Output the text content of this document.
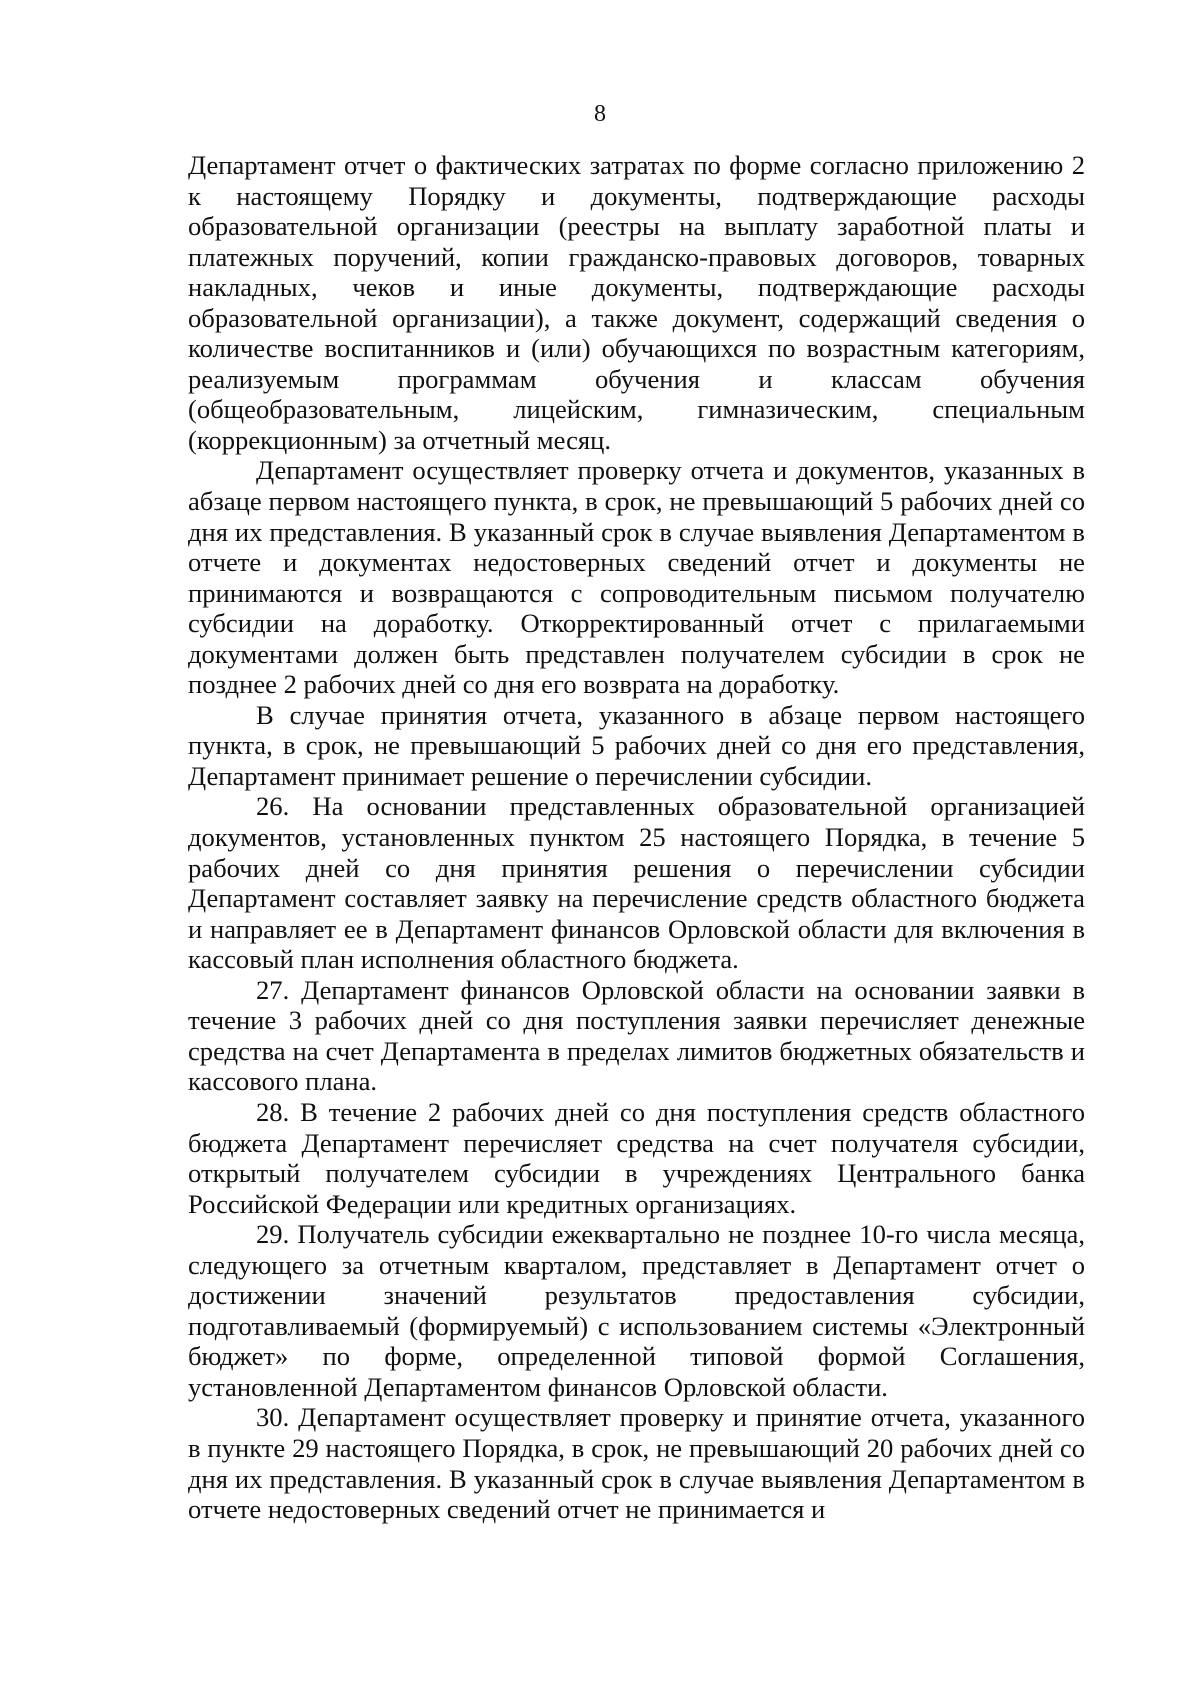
8

Департамент отчет о фактических затратах по форме согласно приложению 2 к настоящему Порядку и документы, подтверждающие расходы образовательной организации (реестры на выплату заработной платы и платежных поручений, копии гражданско-правовых договоров, товарных накладных, чеков и иные документы, подтверждающие расходы образовательной организации), а также документ, содержащий сведения о количестве воспитанников и (или) обучающихся по возрастным категориям, реализуемым программам обучения и классам обучения (общеобразовательным, лицейским, гимназическим, специальным (коррекционным) за отчетный месяц.

Департамент осуществляет проверку отчета и документов, указанных в абзаце первом настоящего пункта, в срок, не превышающий 5 рабочих дней со дня их представления. В указанный срок в случае выявления Департаментом в отчете и документах недостоверных сведений отчет и документы не принимаются и возвращаются с сопроводительным письмом получателю субсидии на доработку. Откорректированный отчет с прилагаемыми документами должен быть представлен получателем субсидии в срок не позднее 2 рабочих дней со дня его возврата на доработку.

В случае принятия отчета, указанного в абзаце первом настоящего пункта, в срок, не превышающий 5 рабочих дней со дня его представления, Департамент принимает решение о перечислении субсидии.

26. На основании представленных образовательной организацией документов, установленных пунктом 25 настоящего Порядка, в течение 5 рабочих дней со дня принятия решения о перечислении субсидии Департамент составляет заявку на перечисление средств областного бюджета и направляет ее в Департамент финансов Орловской области для включения в кассовый план исполнения областного бюджета.

27. Департамент финансов Орловской области на основании заявки в течение 3 рабочих дней со дня поступления заявки перечисляет денежные средства на счет Департамента в пределах лимитов бюджетных обязательств и кассового плана.

28. В течение 2 рабочих дней со дня поступления средств областного бюджета Департамент перечисляет средства на счет получателя субсидии, открытый получателем субсидии в учреждениях Центрального банка Российской Федерации или кредитных организациях.

29. Получатель субсидии ежеквартально не позднее 10-го числа месяца, следующего за отчетным кварталом, представляет в Департамент отчет о достижении значений результатов предоставления субсидии, подготавливаемый (формируемый) с использованием системы «Электронный бюджет» по форме, определенной типовой формой Соглашения, установленной Департаментом финансов Орловской области.

30. Департамент осуществляет проверку и принятие отчета, указанного в пункте 29 настоящего Порядка, в срок, не превышающий 20 рабочих дней со дня их представления. В указанный срок в случае выявления Департаментом в отчете недостоверных сведений отчет не принимается и
